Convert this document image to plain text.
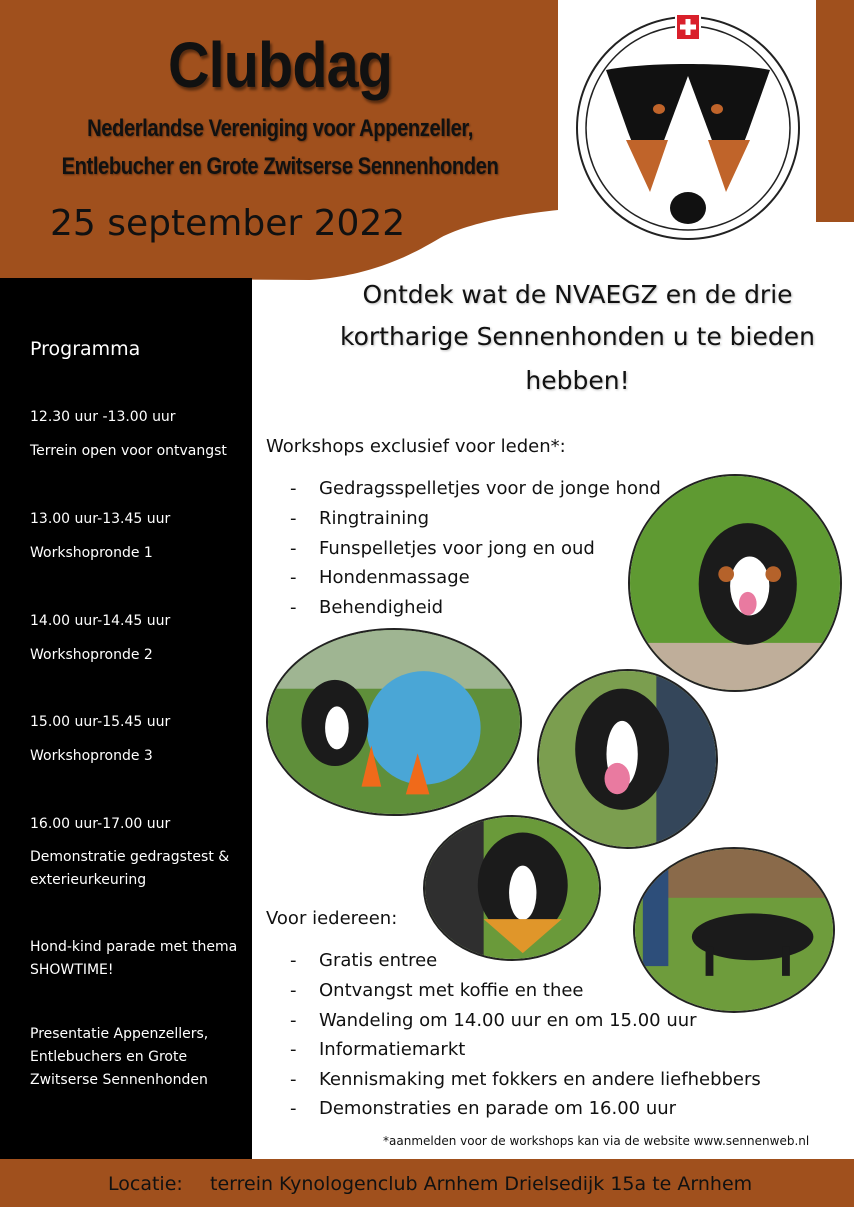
Clubdag
Nederlandse Vereniging voor Appenzeller,
Entlebucher en Grote Zwitserse Sennenhonden
25 september 2022
Programma
12.30 uur -13.00 uur
Terrein open voor ontvangst
13.00 uur-13.45 uur
Workshopronde 1
14.00 uur-14.45 uur
Workshopronde 2
15.00 uur-15.45 uur
Workshopronde 3
16.00 uur-17.00 uur
Demonstratie gedragstest &
exterieurkeuring
Hond-kind parade met thema
SHOWTIME!
Presentatie Appenzellers,
Entlebuchers en Grote
Zwitserse Sennenhonden
Ontdek wat de NVAEGZ en de drie
kortharige Sennenhonden u te bieden
hebben!
Workshops exclusief voor leden*:
- Gedragsspelletjes voor de jonge hond
- Ringtraining
- Funspelletjes voor jong en oud
- Hondenmassage
- Behendigheid
Voor iedereen:
- Gratis entree
- Ontvangst met koffie en thee
- Wandeling om 14.00 uur en om 15.00 uur
- Informatiemarkt
- Kennismaking met fokkers en andere liefhebbers
- Demonstraties en parade om 16.00 uur
*aanmelden voor de workshops kan via de website www.sennenweb.nl
Locatie: terrein Kynologenclub Arnhem Drielsedijk 15a te Arnhem
